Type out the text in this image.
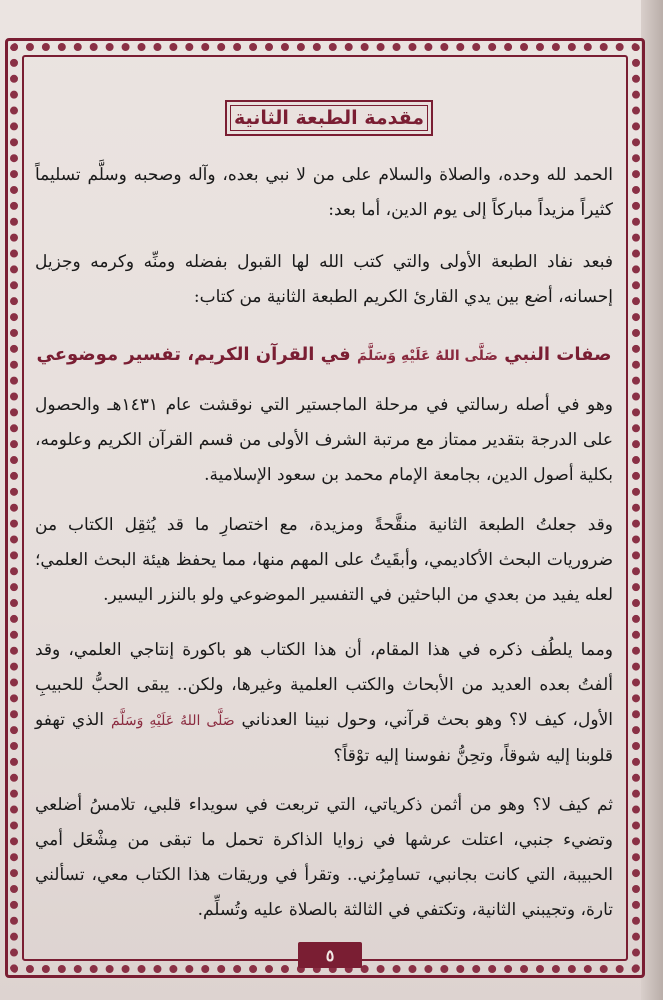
مقدمة الطبعة الثانية

الحمد لله وحده، والصلاة والسلام على من لا نبي بعده، وآله وصحبه وسلَّم تسليماً كثيراً مزيداً مباركاً إلى يوم الدين، أما بعد:

فبعد نفاد الطبعة الأولى والتي كتب الله لها القبول بفضله ومنِّه وكرمه وجزيل إحسانه، أضع بين يدي القارئ الكريم الطبعة الثانية من كتاب:

صفات النبي صَلَّى اللهُ عَلَيْهِ وَسَلَّمَ في القرآن الكريم، تفسير موضوعي

وهو في أصله رسالتي في مرحلة الماجستير التي نوقشت عام ١٤٣١هـ والحصول على الدرجة بتقدير ممتاز مع مرتبة الشرف الأولى من قسم القرآن الكريم وعلومه، بكلية أصول الدين، بجامعة الإمام محمد بن سعود الإسلامية.

وقد جعلتُ الطبعة الثانية منقَّحةً ومزيدة، مع اختصارِ ما قد يُثقِل الكتاب من ضروريات البحث الأكاديمي، وأبقَيتُ على المهم منها، مما يحفظ هيئة البحث العلمي؛ لعله يفيد من بعدي من الباحثين في التفسير الموضوعي ولو بالنزر اليسير.

ومما يلطُف ذكره في هذا المقام، أن هذا الكتاب هو باكورة إنتاجي العلمي، وقد ألفتُ بعده العديد من الأبحاث والكتب العلمية وغيرها، ولكن.. يبقى الحبُّ للحبيبِ الأول، كيف لا؟ وهو بحث قرآني، وحول نبينا العدناني صَلَّى اللهُ عَلَيْهِ وَسَلَّمَ الذي تهفو قلوبنا إليه شوقاً، وتحِنُّ نفوسنا إليه توْقاً؟

ثم كيف لا؟ وهو من أثمن ذكرياتي، التي تربعت في سويداء قلبي، تلامسُ أضلعي وتضيء جنبي، اعتلت عرشها في زوايا الذاكرة تحمل ما تبقى من مِشْعَل أمي الحبيبة، التي كانت بجانبي، تسامِرُني.. وتقرأ في وريقات هذا الكتاب معي، تسألني تارة، وتجيبني الثانية، وتكتفي في الثالثة بالصلاة عليه وتُسلِّم.

٥
